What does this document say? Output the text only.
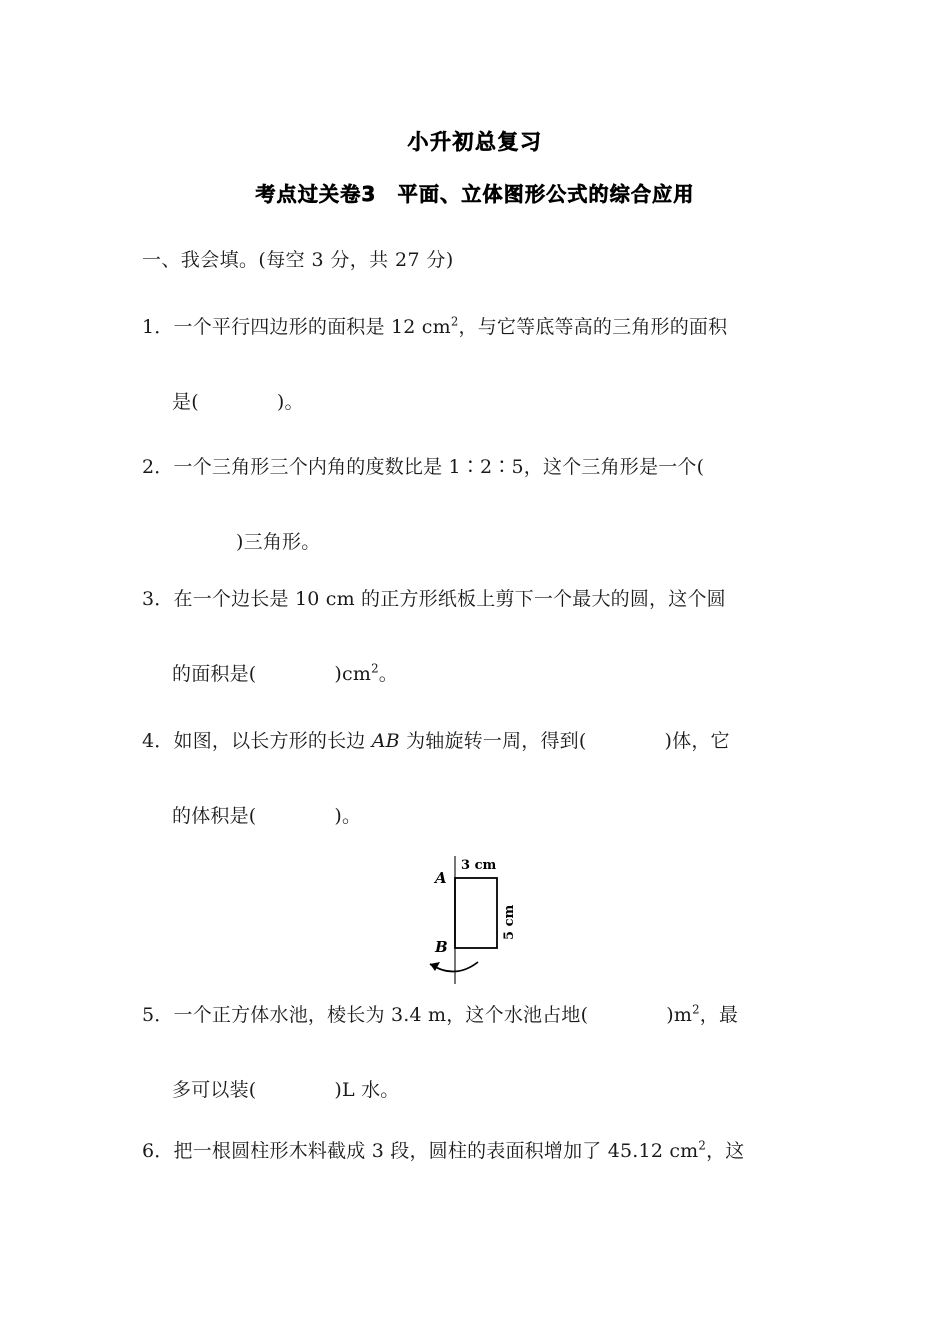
小升初总复习
考点过关卷3　平面、立体图形公式的综合应用
一、我会填。(每空 3 分，共 27 分)
1．一个平行四边形的面积是 12 $cm^2$，与它等底等高的三角形的面积
是(	)。
2．一个三角形三个内角的度数比是 1∶2∶5，这个三角形是一个(
)三角形。
3．在一个边长是 10 cm 的正方形纸板上剪下一个最大的圆，这个圆
的面积是(	)$cm^2$。
4．如图，以长方形的长边 AB 为轴旋转一周，得到(	)体，它
的体积是(	)。
A
B
3 cm
5 cm
5．一个正方体水池，棱长为 3.4 m，这个水池占地(	)$m^2$，最
多可以装(	)L 水。
6．把一根圆柱形木料截成 3 段，圆柱的表面积增加了 45.12 $cm^2$，这
